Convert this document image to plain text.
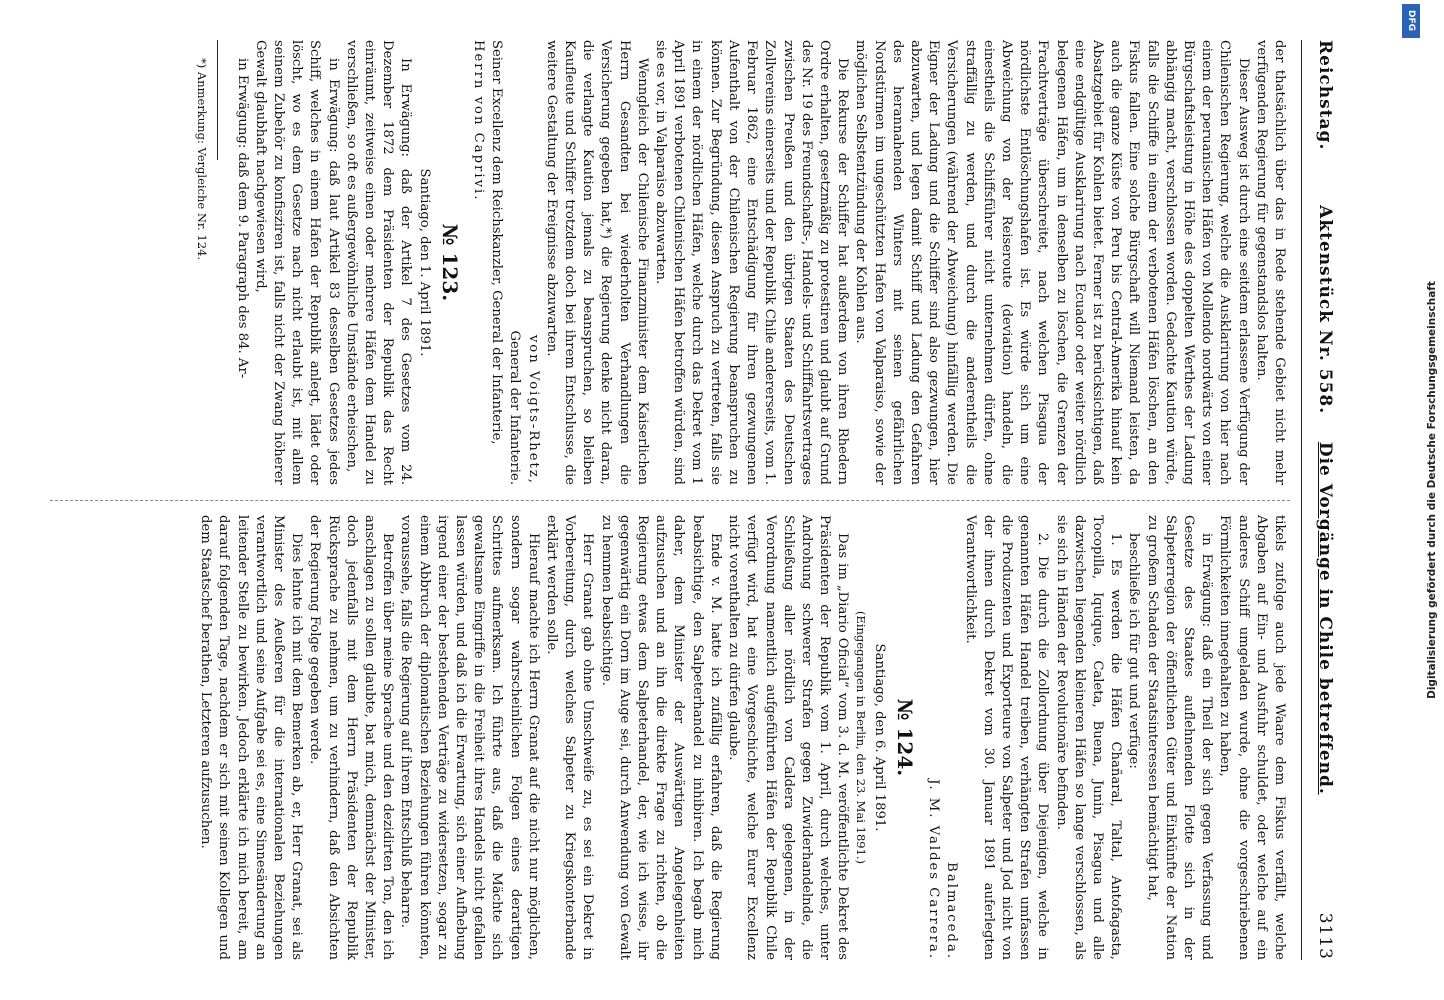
Reichstag.
Aktenstück Nr. 558.    Die Vorgänge in Chile betreffend.
3113

der thatsächlich über das in Rede stehende Gebiet nicht mehr verfügenden Regierung für gegenstandslos halten.

Dieser Ausweg ist durch eine seitdem erlassene Verfügung der Chilenischen Regierung, welche die Ausklarirung von hier nach einem der peruanischen Häfen von Mollendo nordwärts von einer Bürgschaftsleistung in Höhe des doppelten Werthes der Ladung abhängig macht, verschlossen worden. Gedachte Kaution würde, falls die Schiffe in einem der verbotenen Häfen löschen, an den Fiskus fallen. Eine solche Bürgschaft will Niemand leisten, da auch die ganze Küste von Peru bis Central-Amerika hinauf kein Absatzgebiet für Kohlen bietet. Ferner ist zu berücksichtigen, daß eine endgültige Ausklarirung nach Ecuador oder weiter nördlich belegenen Häfen, um in denselben zu löschen, die Grenzen der Frachtverträge überschreitet, nach welchen Pisagua der nördlichste Entlöschungshafen ist. Es würde sich um eine Abweichung von der Reiseroute (deviation) handeln, die einestheils die Schiffsführer nicht unternehmen dürfen, ohne straffällig zu werden, und durch die anderentheils die Versicherungen (während der Abweichung) hinfällig werden. Die Eigner der Ladung und die Schiffer sind also gezwungen, hier abzuwarten, und legen damit Schiff und Ladung den Gefahren des herannahenden Winters mit seinen gefährlichen Nordstürmen im ungeschützten Hafen von Valparaiso, sowie der möglichen Selbstentzündung der Kohlen aus.

Die Rekurse der Schiffer hat außerdem von ihren Rhedern Ordre erhalten, gesetzmäßig zu protestiren und glaubt auf Grund des Nr. 19 des Freundschafts-, Handels- und Schifffahrtsvertrages zwischen Preußen und den übrigen Staaten des Deutschen Zollvereins einerseits und der Republik Chile andererseits, vom 1. Februar 1862, eine Entschädigung für ihren gezwungenen Aufenthalt von der Chilenischen Regierung beanspruchen zu können. Zur Begründung, diesen Anspruch zu vertreten, falls sie in einem der nördlichen Häfen, welche durch das Dekret vom 1 April 1891 verbotenen Chilenischen Häfen betroffen würden, sind sie es vor, in Valparaiso abzuwarten.

Wenngleich der Chilenische Finanzminister dem Kaiserlichen Herrn Gesandten bei wiederholten Verhandlungen die Versicherung gegeben hat,*) die Regierung denke nicht daran, die verlangte Kaution jemals zu beanspruchen, so bleiben Kaufleute und Schiffer trotzdem doch bei ihrem Entschlusse, die weitere Gestaltung der Ereignisse abzuwarten.

von Voigts-Rhetz,

General der Infanterie.

Seiner Excellenz dem Reichskanzler, General der Infanterie,

Herrn von Caprivi.

№ 123.

Santiago, den 1. April 1891.

In Erwägung: daß der Artikel 7 des Gesetzes vom 24. Dezember 1872 dem Präsidenten der Republik das Recht einräumt, zeitweise einen oder mehrere Häfen dem Handel zu verschließen, so oft es außergewöhnliche Umstände erheischen,

in Erwägung: daß laut Artikel 83 desselben Gesetzes jedes Schiff, welches in einem Hafen der Republik anlegt, lädet oder löscht, wo es dem Gesetze nach nicht erlaubt ist, mit allem seinem Zubehör zu konfisziren ist, falls nicht der Zwang höherer Gewalt glaubhaft nachgewiesen wird,

in Erwägung: daß dem 9. Paragraph des 84. Ar-

*) Anmerkung: Vergleiche Nr. 124.

tikels zufolge auch jede Waare dem Fiskus verfällt, welche Abgaben auf Ein- und Ausfuhr schuldet, oder welche auf ein anderes Schiff umgeladen wurde, ohne die vorgeschriebenen Förmlichkeiten innegehalten zu haben,

in Erwägung: daß ein Theil der sich gegen Verfassung und Gesetze des Staates auflehnenden Flotte sich in der Salpeterregion der öffentlichen Güter und Einkünfte der Nation zu großem Schaden der Staatsinteressen bemächtigt hat,

beschließe ich für gut und verfüge:

1. Es werden die Häfen Chañaral, Taltal, Antofagasta, Tocopilla, Iquique, Caleta, Buena, Junin, Pisagua und alle dazwischen liegenden kleineren Häfen so lange verschlossen, als sie sich in Händen der Revolutionäre befinden.

2. Die durch die Zollordnung über Diejenigen, welche in genannten Häfen Handel treiben, verhängten Strafen umfassen die Produzenten und Exporteure von Salpeter und Jod nicht von der ihnen durch Dekret vom 30. Januar 1891 auferlegten Verantwortlichkeit.

Balmaceda.

J. M. Valdes Carrera.

№ 124.

Santiago, den 6. April 1891.

(Eingegangen in Berlin, den 23. Mai 1891.)

Das im „Diario Oficial“ vom 3. d. M. veröffentlichte Dekret des Präsidenten der Republik vom 1. April, durch welches, unter Androhung schwerer Strafen gegen Zuwiderhandelnde, die Schließung aller nördlich von Caldera gelegenen, in der Verordnung namentlich aufgeführten Häfen der Republik Chile verfügt wird, hat eine Vorgeschichte, welche Eurer Excellenz nicht vorenthalten zu dürfen glaube.

Ende v. M. hatte ich zufällig erfahren, daß die Regierung beabsichtige, den Salpeterhandel zu inhibiren. Ich begab mich daher, dem Minister der Auswärtigen Angelegenheiten aufzusuchen und an ihn die direkte Frage zu richten, ob die Regierung etwas dem Salpeterhandel, der, wie ich wisse, ihr gegenwärtig ein Dorn im Auge sei, durch Anwendung von Gewalt zu hemmen beabsichtige.

Herr Granat gab ohne Umschweife zu, es sei ein Dekret in Vorbereitung, durch welches Salpeter zu Kriegskonterbande erklärt werden solle.

Hierauf machte ich Herrn Granat auf die nicht nur möglichen, sondern sogar wahrscheinlichen Folgen eines derartigen Schrittes aufmerksam. Ich führte aus, daß die Mächte sich gewaltsame Eingriffe in die Freiheit ihres Handels nicht gefallen lassen würden, und daß ich die Erwartung, sich einer Aufhebung irgend einer der bestehenden Verträge zu widersetzen, sogar zu einem Abbruch der diplomatischen Beziehungen führen könnten, voraussehe, falls die Regierung auf ihrem Entschluß beharre.

Betroffen über meine Sprache und den dezidirten Ton, den ich anschlagen zu sollen glaubte, bat mich, demnächst der Minister, doch jedenfalls mit dem Herrn Präsidenten der Republik Rücksprache zu nehmen, um zu verhindern, daß den Absichten der Regierung Folge gegeben werde.

Dies lehnte ich mit dem Bemerken ab, er, Herr Granat, sei als Minister des Aeußeren für die internationalen Beziehungen verantwortlich und seine Aufgabe sei es, eine Sinnesänderung an leitender Stelle zu bewirken. Jedoch erklärte ich mich bereit, am darauf folgenden Tage, nachdem er sich mit seinen Kollegen und dem Staatschef berathen, Letzteren aufzusuchen.	Digitalisierung gefördert durch die Deutsche Forschungsgemeinschaft
DFG
